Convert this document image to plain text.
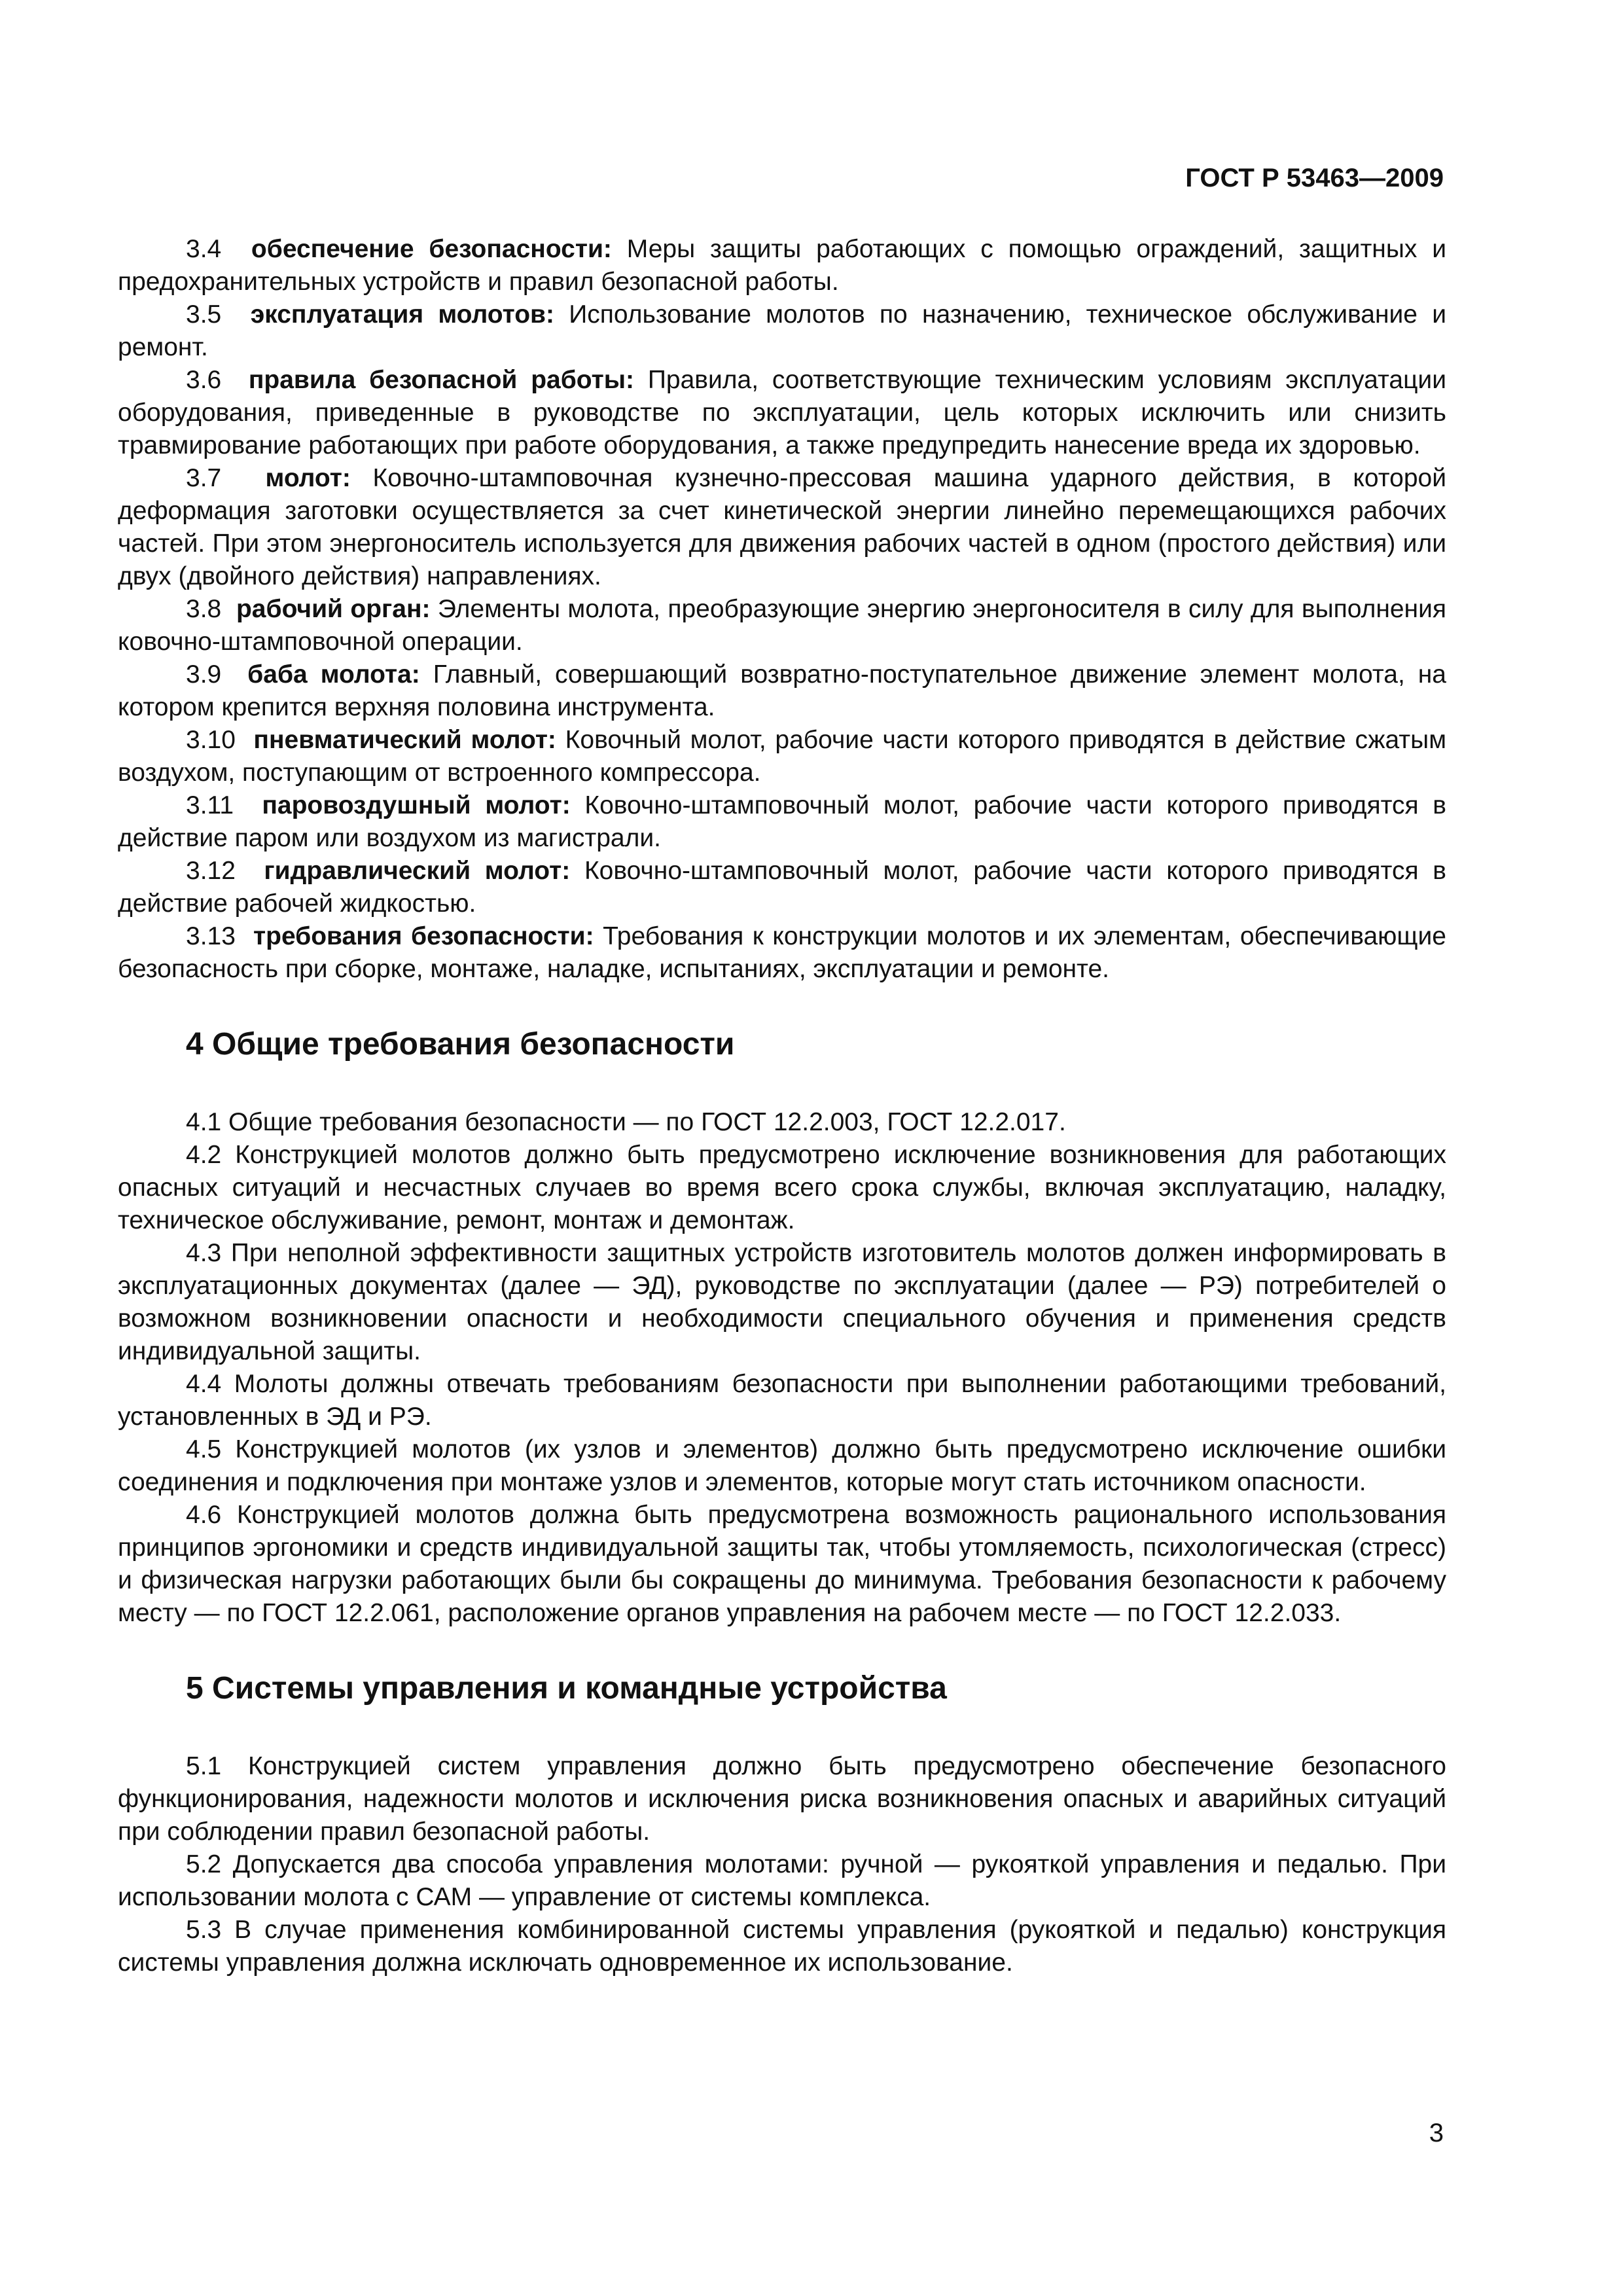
ГОСТ Р 53463—2009

3.4 обеспечение безопасности: Меры защиты работающих с помощью ограждений, защитных и предохранительных устройств и правил безопасной работы.

3.5 эксплуатация молотов: Использование молотов по назначению, техническое обслуживание и ремонт.

3.6 правила безопасной работы: Правила, соответствующие техническим условиям эксплуатации оборудования, приведенные в руководстве по эксплуатации, цель которых исключить или снизить травмирование работающих при работе оборудования, а также предупредить нанесение вреда их здоровью.

3.7 молот: Ковочно-штамповочная кузнечно-прессовая машина ударного действия, в которой деформация заготовки осуществляется за счет кинетической энергии линейно перемещающихся рабочих частей. При этом энергоноситель используется для движения рабочих частей в одном (простого действия) или двух (двойного действия) направлениях.

3.8 рабочий орган: Элементы молота, преобразующие энергию энергоносителя в силу для выполнения ковочно-штамповочной операции.

3.9 баба молота: Главный, совершающий возвратно-поступательное движение элемент молота, на котором крепится верхняя половина инструмента.

3.10 пневматический молот: Ковочный молот, рабочие части которого приводятся в действие сжатым воздухом, поступающим от встроенного компрессора.

3.11 паровоздушный молот: Ковочно-штамповочный молот, рабочие части которого приводятся в действие паром или воздухом из магистрали.

3.12 гидравлический молот: Ковочно-штамповочный молот, рабочие части которого приводятся в действие рабочей жидкостью.

3.13 требования безопасности: Требования к конструкции молотов и их элементам, обеспечивающие безопасность при сборке, монтаже, наладке, испытаниях, эксплуатации и ремонте.

4 Общие требования безопасности

4.1 Общие требования безопасности — по ГОСТ 12.2.003, ГОСТ 12.2.017.

4.2 Конструкцией молотов должно быть предусмотрено исключение возникновения для работающих опасных ситуаций и несчастных случаев во время всего срока службы, включая эксплуатацию, наладку, техническое обслуживание, ремонт, монтаж и демонтаж.

4.3 При неполной эффективности защитных устройств изготовитель молотов должен информировать в эксплуатационных документах (далее — ЭД), руководстве по эксплуатации (далее — РЭ) потребителей о возможном возникновении опасности и необходимости специального обучения и применения средств индивидуальной защиты.

4.4 Молоты должны отвечать требованиям безопасности при выполнении работающими требований, установленных в ЭД и РЭ.

4.5 Конструкцией молотов (их узлов и элементов) должно быть предусмотрено исключение ошибки соединения и подключения при монтаже узлов и элементов, которые могут стать источником опасности.

4.6 Конструкцией молотов должна быть предусмотрена возможность рационального использования принципов эргономики и средств индивидуальной защиты так, чтобы утомляемость, психологическая (стресс) и физическая нагрузки работающих были бы сокращены до минимума. Требования безопасности к рабочему месту — по ГОСТ 12.2.061, расположение органов управления на рабочем месте — по ГОСТ 12.2.033.

5 Системы управления и командные устройства

5.1 Конструкцией систем управления должно быть предусмотрено обеспечение безопасного функционирования, надежности молотов и исключения риска возникновения опасных и аварийных ситуаций при соблюдении правил безопасной работы.

5.2 Допускается два способа управления молотами: ручной — рукояткой управления и педалью. При использовании молота с САМ — управление от системы комплекса.

5.3 В случае применения комбинированной системы управления (рукояткой и педалью) конструкция системы управления должна исключать одновременное их использование.

3
